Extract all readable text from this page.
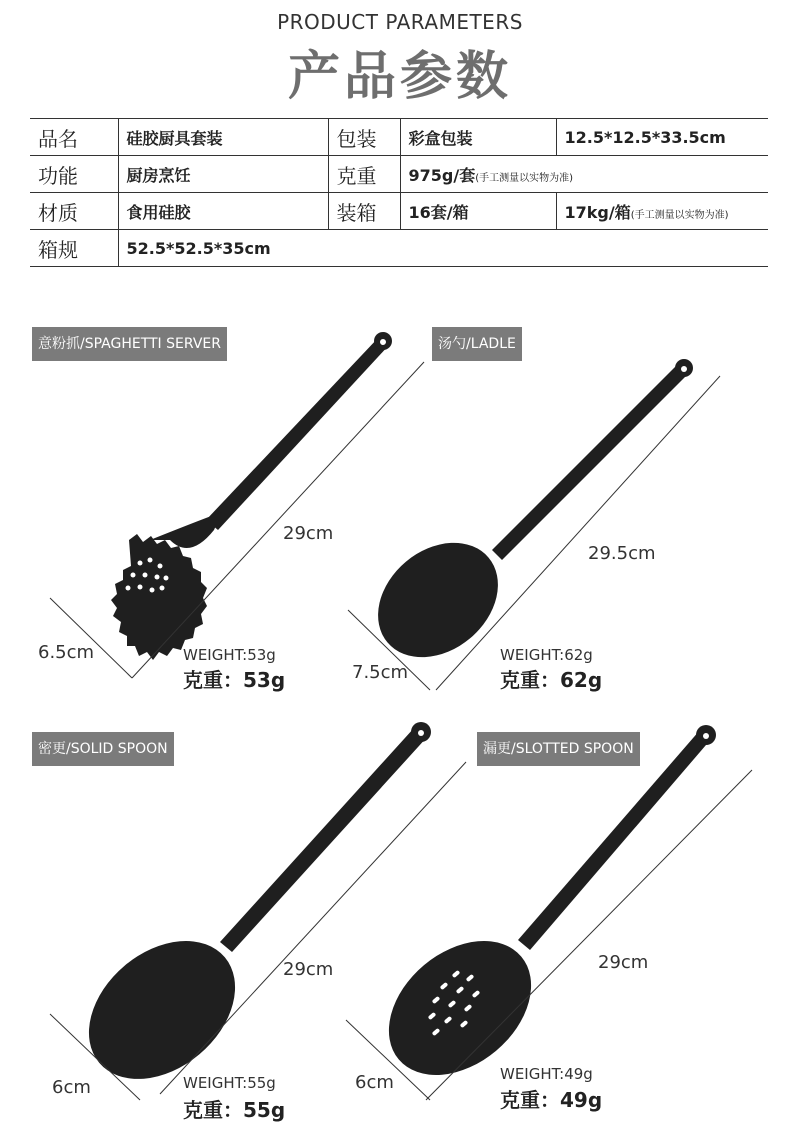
PRODUCT PARAMETERS
产品参数
品名	硅胶厨具套装	包装	彩盒包装	12.5*12.5*33.5cm
功能	厨房烹饪	克重	975g/套(手工测量以实物为准)	
材质	食用硅胶	装箱	16套/箱	17kg/箱(手工测量以实物为准)
箱规	52.5*52.5*35cm			
意粉抓/SPAGHETTI SERVER
29cm
6.5cm	WEIGHT:53g
克重：53g
汤勺/LADLE
29.5cm
7.5cm
WEIGHT:62g
克重：62g
密更/SOLID SPOON
29cm
6cm	WEIGHT:55g
克重：55g
漏更/SLOTTED SPOON
29cm
6cm	WEIGHT:49g
克重：49g
